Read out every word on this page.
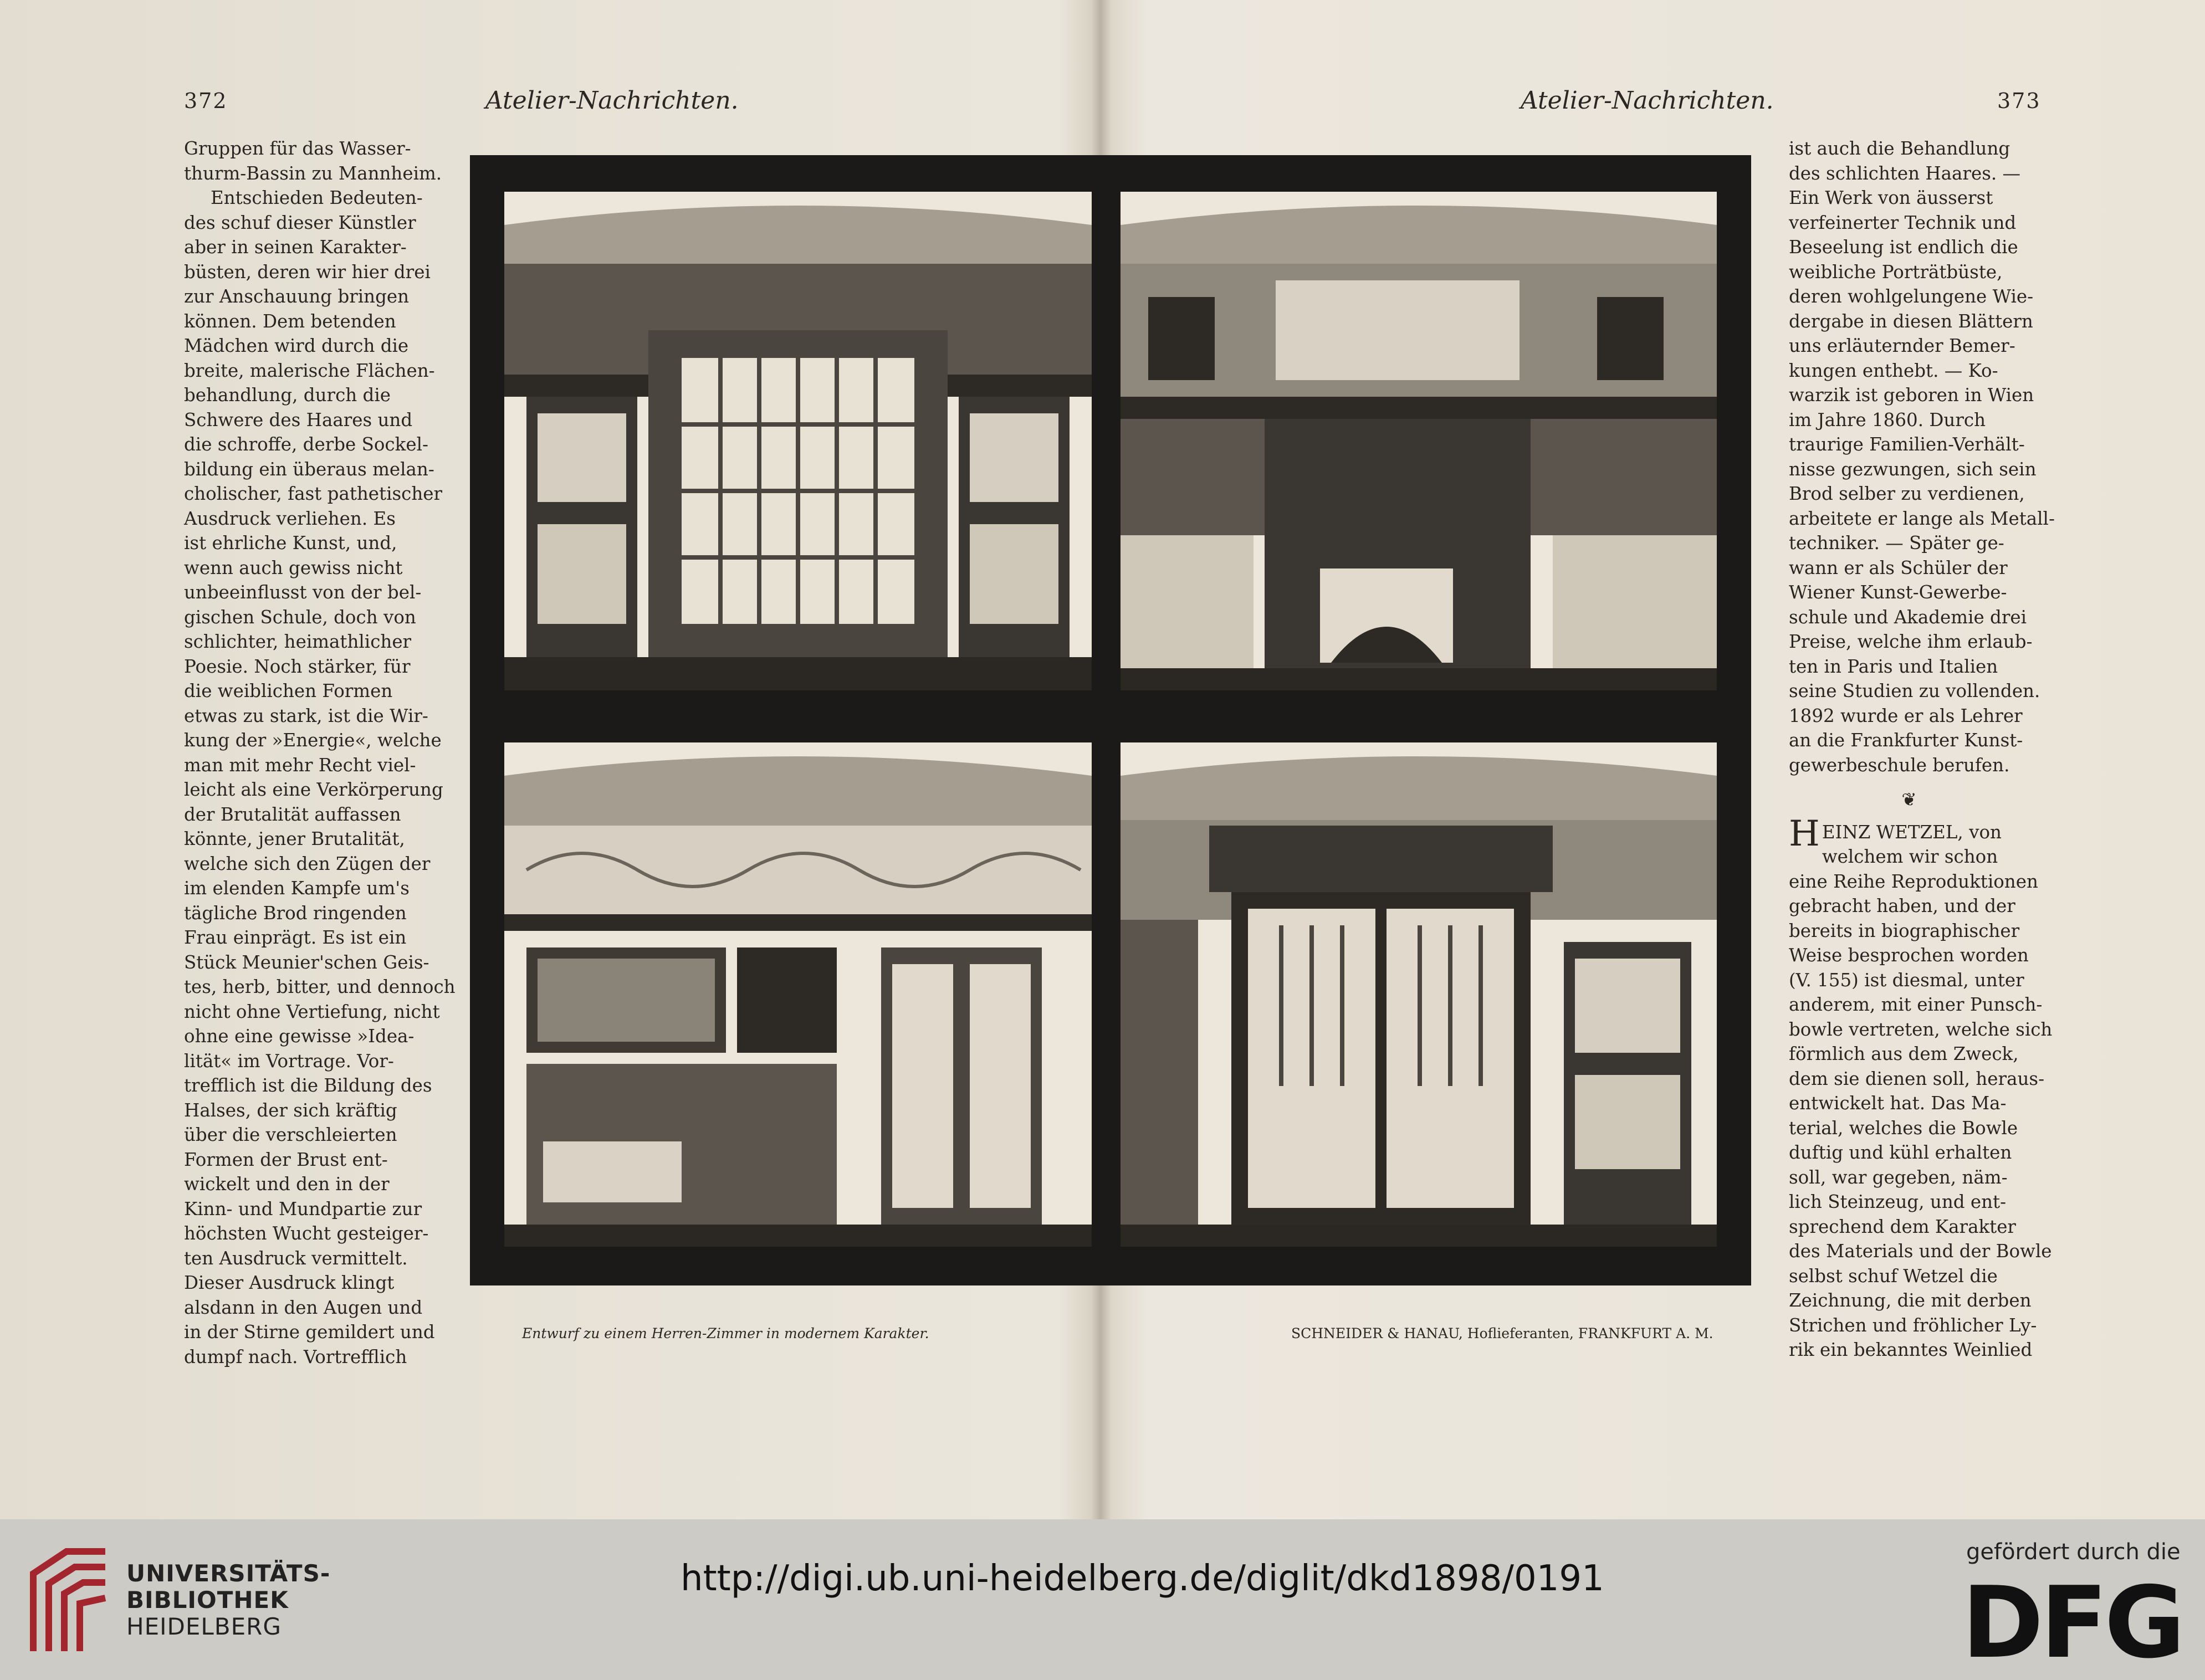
372	Atelier-Nachrichten.	Atelier-Nachrichten.	373
Gruppen für das Wasser-
thurm-Bassin zu Mannheim.
Entschieden Bedeuten-
des schuf dieser Künstler
aber in seinen Karakter-
büsten, deren wir hier drei
zur Anschauung bringen
können. Dem betenden
Mädchen wird durch die
breite, malerische Flächen-
behandlung, durch die
Schwere des Haares und
die schroffe, derbe Sockel-
bildung ein überaus melan-
cholischer, fast pathetischer
Ausdruck verliehen. Es
ist ehrliche Kunst, und,
wenn auch gewiss nicht
unbeeinflusst von der bel-
gischen Schule, doch von
schlichter, heimathlicher
Poesie. Noch stärker, für
die weiblichen Formen
etwas zu stark, ist die Wir-
kung der »Energie«, welche
man mit mehr Recht viel-
leicht als eine Verkörperung
der Brutalität auffassen
könnte, jener Brutalität,
welche sich den Zügen der
im elenden Kampfe um's
tägliche Brod ringenden
Frau einprägt. Es ist ein
Stück Meunier'schen Geis-
tes, herb, bitter, und dennoch
nicht ohne Vertiefung, nicht
ohne eine gewisse »Idea-
lität« im Vortrage. Vor-
trefflich ist die Bildung des
Halses, der sich kräftig
über die verschleierten
Formen der Brust ent-
wickelt und den in der
Kinn- und Mundpartie zur
höchsten Wucht gesteiger-
ten Ausdruck vermittelt.
Dieser Ausdruck klingt
alsdann in den Augen und
in der Stirne gemildert und
dumpf nach. Vortrefflich
ist auch die Behandlung
des schlichten Haares. —
Ein Werk von äusserst
verfeinerter Technik und
Beseelung ist endlich die
weibliche Porträtbüste,
deren wohlgelungene Wie-
dergabe in diesen Blättern
uns erläuternder Bemer-
kungen enthebt. — Ko-
warzik ist geboren in Wien
im Jahre 1860. Durch
traurige Familien-Verhält-
nisse gezwungen, sich sein
Brod selber zu verdienen,
arbeitete er lange als Metall-
techniker. — Später ge-
wann er als Schüler der
Wiener Kunst-Gewerbe-
schule und Akademie drei
Preise, welche ihm erlaub-
ten in Paris und Italien
seine Studien zu vollenden.
1892 wurde er als Lehrer
an die Frankfurter Kunst-
gewerbeschule berufen.
❦
H EINZ WETZEL, von
welchem wir schon
eine Reihe Reproduktionen
gebracht haben, und der
bereits in biographischer
Weise besprochen worden
(V. 155) ist diesmal, unter
anderem, mit einer Punsch-
bowle vertreten, welche sich
förmlich aus dem Zweck,
dem sie dienen soll, heraus-
entwickelt hat. Das Ma-
terial, welches die Bowle
duftig und kühl erhalten
soll, war gegeben, näm-
lich Steinzeug, und ent-
sprechend dem Karakter
des Materials und der Bowle
selbst schuf Wetzel die
Zeichnung, die mit derben
Strichen und fröhlicher Ly-
rik ein bekanntes Weinlied
Entwurf zu einem Herren-Zimmer in modernem Karakter.	SCHNEIDER & HANAU, Hoflieferanten, FRANKFURT A. M.
UNIVERSITÄTS-
BIBLIOTHEK
HEIDELBERG
http://digi.ub.uni-heidelberg.de/diglit/dkd1898/0191
gefördert durch die
DFG
